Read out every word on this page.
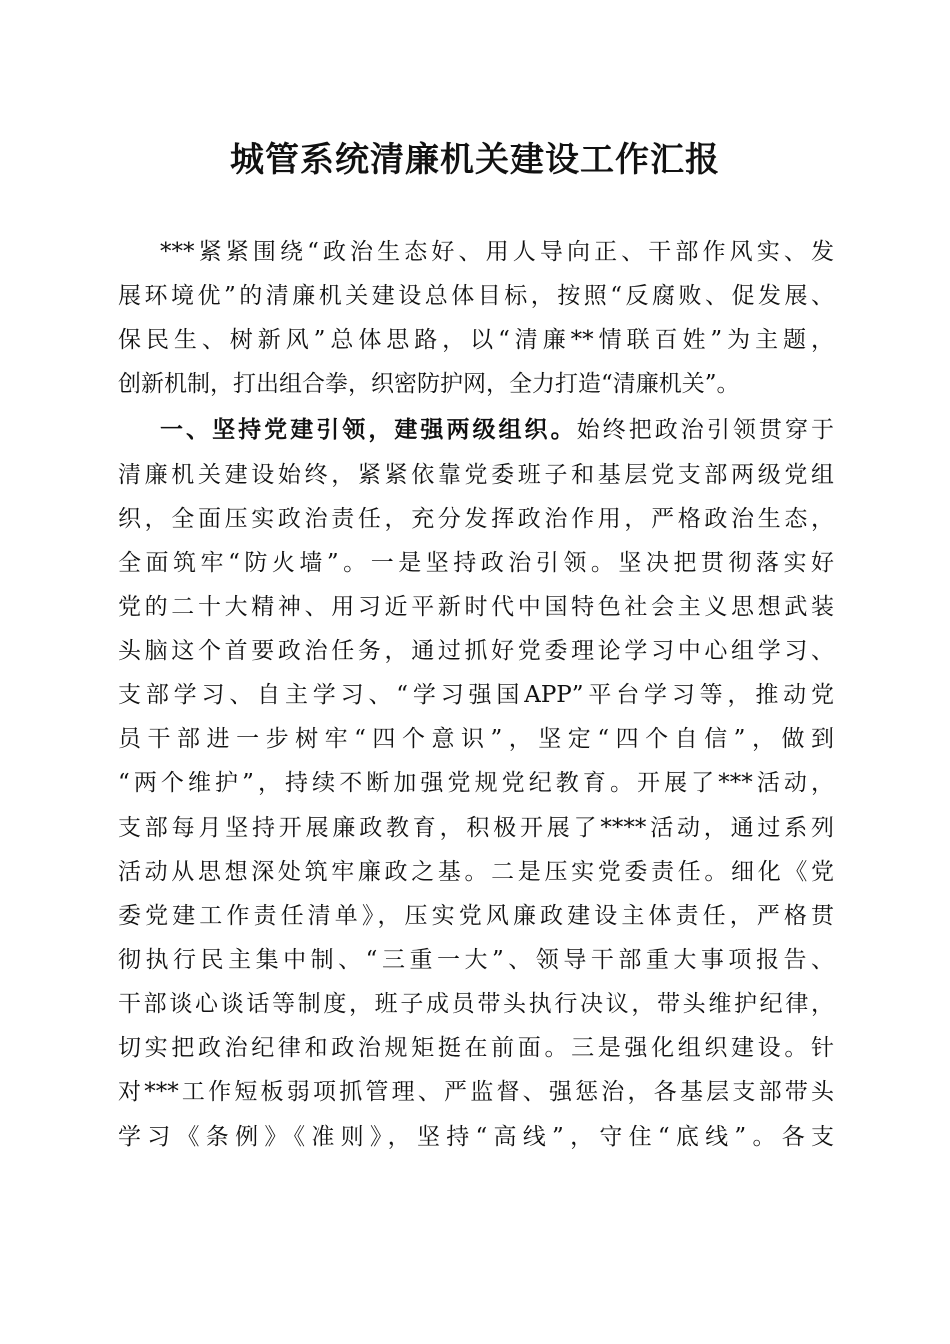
城管系统清廉机关建设工作汇报
***紧紧围绕“政治生态好、用人导向正、干部作风实、发
展环境优”的清廉机关建设总体目标，按照“反腐败、促发展、
保民生、树新风”总体思路，以“清廉**情联百姓”为主题，
创新机制，打出组合拳，织密防护网，全力打造“清廉机关”。
一、坚持党建引领，建强两级组织。始终把政治引领贯穿于
清廉机关建设始终，紧紧依靠党委班子和基层党支部两级党组
织，全面压实政治责任，充分发挥政治作用，严格政治生态，
全面筑牢“防火墙”。一是坚持政治引领。坚决把贯彻落实好
党的二十大精神、用习近平新时代中国特色社会主义思想武装
头脑这个首要政治任务，通过抓好党委理论学习中心组学习、
支部学习、自主学习、“学习强国APP”平台学习等，推动党
员干部进一步树牢“四个意识”，坚定“四个自信”，做到
“两个维护”，持续不断加强党规党纪教育。开展了***活动，
支部每月坚持开展廉政教育，积极开展了****活动，通过系列
活动从思想深处筑牢廉政之基。二是压实党委责任。细化《党
委党建工作责任清单》，压实党风廉政建设主体责任，严格贯
彻执行民主集中制、“三重一大”、领导干部重大事项报告、
干部谈心谈话等制度，班子成员带头执行决议，带头维护纪律，
切实把政治纪律和政治规矩挺在前面。三是强化组织建设。针
对***工作短板弱项抓管理、严监督、强惩治，各基层支部带头
学习《条例》《准则》，坚持“高线”，守住“底线”。各支
